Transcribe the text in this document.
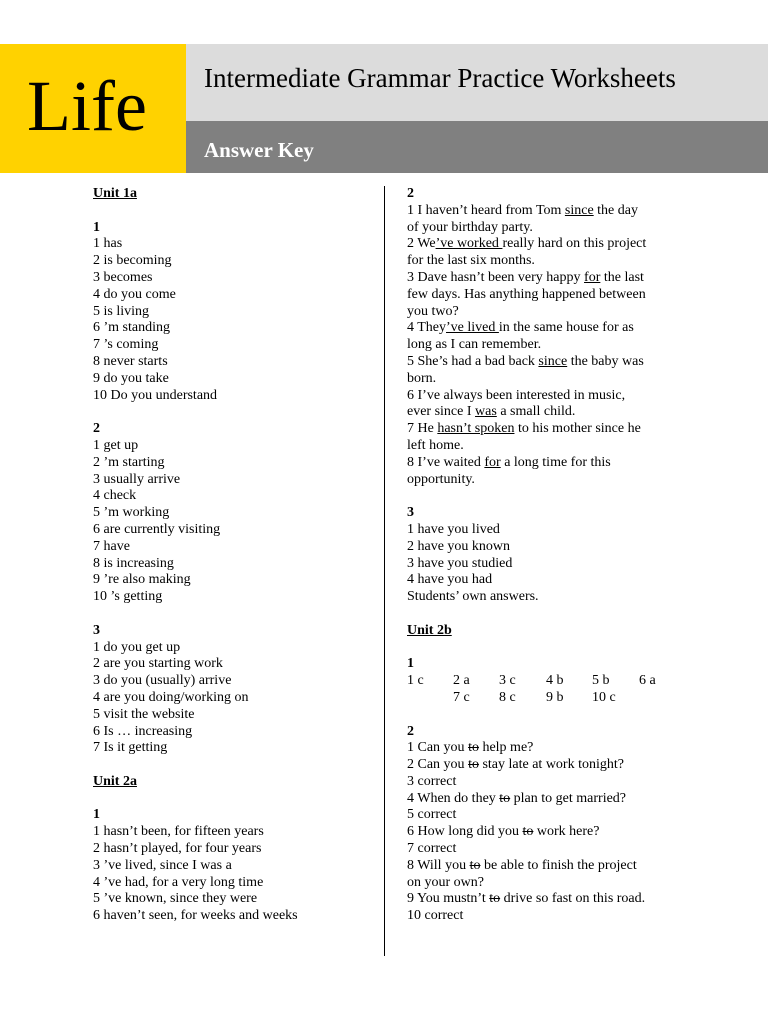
Life Intermediate Grammar Practice Worksheets
Answer Key
Unit 1a
1
1 has
2 is becoming
3 becomes
4 do you come
5 is living
6 ’m standing
7 ’s coming
8 never starts
9 do you take
10 Do you understand
2
1 get up
2 ’m starting
3 usually arrive
4 check
5 ’m working
6 are currently visiting
7 have
8 is increasing
9 ’re also making
10 ’s getting
3
1 do you get up
2 are you starting work
3 do you (usually) arrive
4 are you doing/working on
5 visit the website
6 Is … increasing
7 Is it getting
Unit 2a
1
1 hasn’t been, for fifteen years
2 hasn’t played, for four years
3 ’ve lived, since I was a
4 ’ve had, for a very long time
5 ’ve known, since they were
6 haven’t seen, for weeks and weeks
2
1 I haven’t heard from Tom since the day
of your birthday party.
2 We’ve worked really hard on this project
for the last six months.
3 Dave hasn’t been very happy for the last
few days. Has anything happened between
you two?
4 They’ve lived in the same house for as
long as I can remember.
5 She’s had a bad back since the baby was
born.
6 I’ve always been interested in music,
ever since I was a small child.
7 He hasn’t spoken to his mother since he
left home.
8 I’ve waited for a long time for this
opportunity.
3
1 have you lived
2 have you known
3 have you studied
4 have you had
Students’ own answers.
Unit 2b
1
1 c 2 a 3 c 4 b 5 b 6 a
7 c 8 c 9 b 10 c
2
1 Can you to help me?
2 Can you to stay late at work tonight?
3 correct
4 When do they to plan to get married?
5 correct
6 How long did you to work here?
7 correct
8 Will you to be able to finish the project
on your own?
9 You mustn’t to drive so fast on this road.
10 correct
